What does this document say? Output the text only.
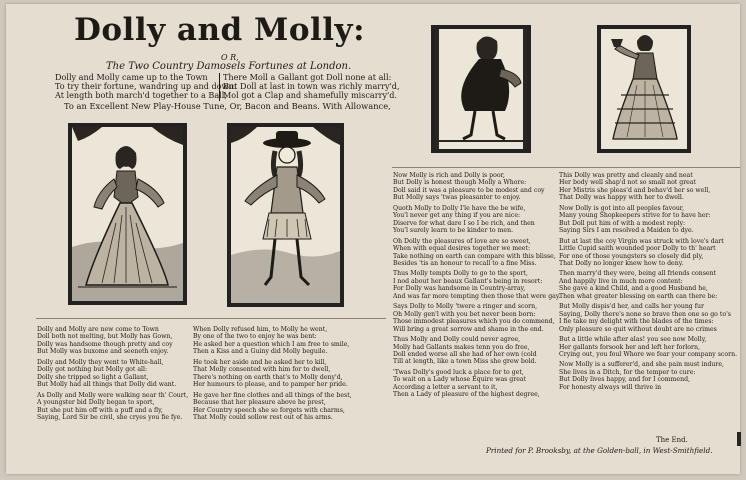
Dolly and Molly:
O R,
The Two Country Damosels Fortunes at London.
Dolly and Molly came up to the Town	There Moll a Gallant got Doll none at all:
To try their fortune, wandring up and down:
But Doll at last in town was richly marry'd,
At length both march'd together to a Ball,
Mol got a Clap and shamefully miscarry'd.
To an Excellent New Play-House Tune, Or, Bacon and Beans. With Allowance,
Dolly and Molly are new come to Town
Doll both not melting, but Molly has Gown,
Dolly was handsome though pretty and coy
But Molly was buxome and seeneth enjoy.
Dolly and Molly they went to White-hall,
Dolly got nothing but Molly got all:
Dolly she tripped so light a Gallant,
But Molly had all things that Dolly did want.
As Dolly and Molly were walking near th' Court,
A youngster bid Dolly began to sport,
But she put him off with a puff and a fly,
Saying, Lord Sir be civil, she cryes you fie fye.
When Dolly refused him, to Molly he went,
By one of the two to enjoy he was bent:
He asked her a question which I am free to smile,
Then a Kiss and a Guiny did Molly beguile.
He took her aside and he asked her to kill,
That Molly consented with him for to dwell,
There's nothing on earth that's to Molly deny'd,
Her humours to please, and to pamper her pride.
He gave her fine clothes and all things of the best,
Because that her pleasure above he prest,
Her Country speech she so forgets with charms,
That Molly could sollow rest out of his arms.
Now Molly is rich and Dolly is poor,
But Dolly is honest though Molly a Whore:
Doll said it was a pleasure to be modest and coy
But Molly says 'twas pleasanter to enjoy.
Quoth Molly to Dolly I'le have the be wife,
You'l never get any thing if you are nice:
Diserve for what dare I so I be rich, and then
You'l surely learn to be kinder to men.
Oh Dolly the pleasures of love are so sweet,
When with equal desires together we meet:
Take nothing on earth can compare with this blisse,
Besides 'tis an honour to recall to a fine Miss.
Thus Molly tempts Dolly to go to the sport,
I nod about her beaux Gallant's being in resort:
For Dolly was handsome in Country-array,
And was far more tempting then those that were gay.
Says Dolly to Molly 'twere a ringer and scorn,
Oh Molly gen'l with you bet never been born:
Those immodest pleasures which you do commend,
Will bring a great sorrow and shame in the end.
Thus Molly and Dolly could never agree,
Molly had Gallants makes tenn you do free,
Doll ended worse all she had of her own (cold
Till at length, like a town Miss she grew bold.
'Twas Dolly's good luck a place for to get,
To wait on a Lady whose Equire was great
According a letter a servant to it,
Then a Lady of pleasure of the highest degree,
This Dolly was pretty and cleanly and neat
Her body well shap'd not so small not great
Her Mistris she pleas'd and behav'd her so well,
That Dolly was happy with her to dwell.
Now Dolly is got into all peoples favour,
Many young Shopkeepers strive for to have her:
But Doll put him of with a modest reply:
Saying Sirs I am resolved a Maiden to dye.
But at last the coy Virgin was struck with love's dart
Little Cupid saith wounded poor Dolly to th' heart
For one of those youngsters so closely did ply,
That Dolly no longer knew how to deny.
Then marry'd they were, being all friends consent
And happily live in much more content:
She gave a kind Child, and a good Husband he,
Then what greater blessing on earth can there be:
But Molly dispis'd her, and calls her young fur
Saying, Dolly there's none so brave then one so go to's
I fie take my delight with the blades of the times:
Only pleasure so quit without doubt are no crimes
But a little while after alas! you see now Molly,
Her gallants forsook her and left her forlorn,
Crying out, you foul Whore we fear your company scorn.
Now Molly is a sufferer'd, and she pain must indure,
She lives in a Ditch, for the temper to cure:
But Dolly lives happy, and for I commend,
For honesty always will thrive in
The End.
Printed for P. Brooksby, at the Golden-ball, in West-Smithfield.
